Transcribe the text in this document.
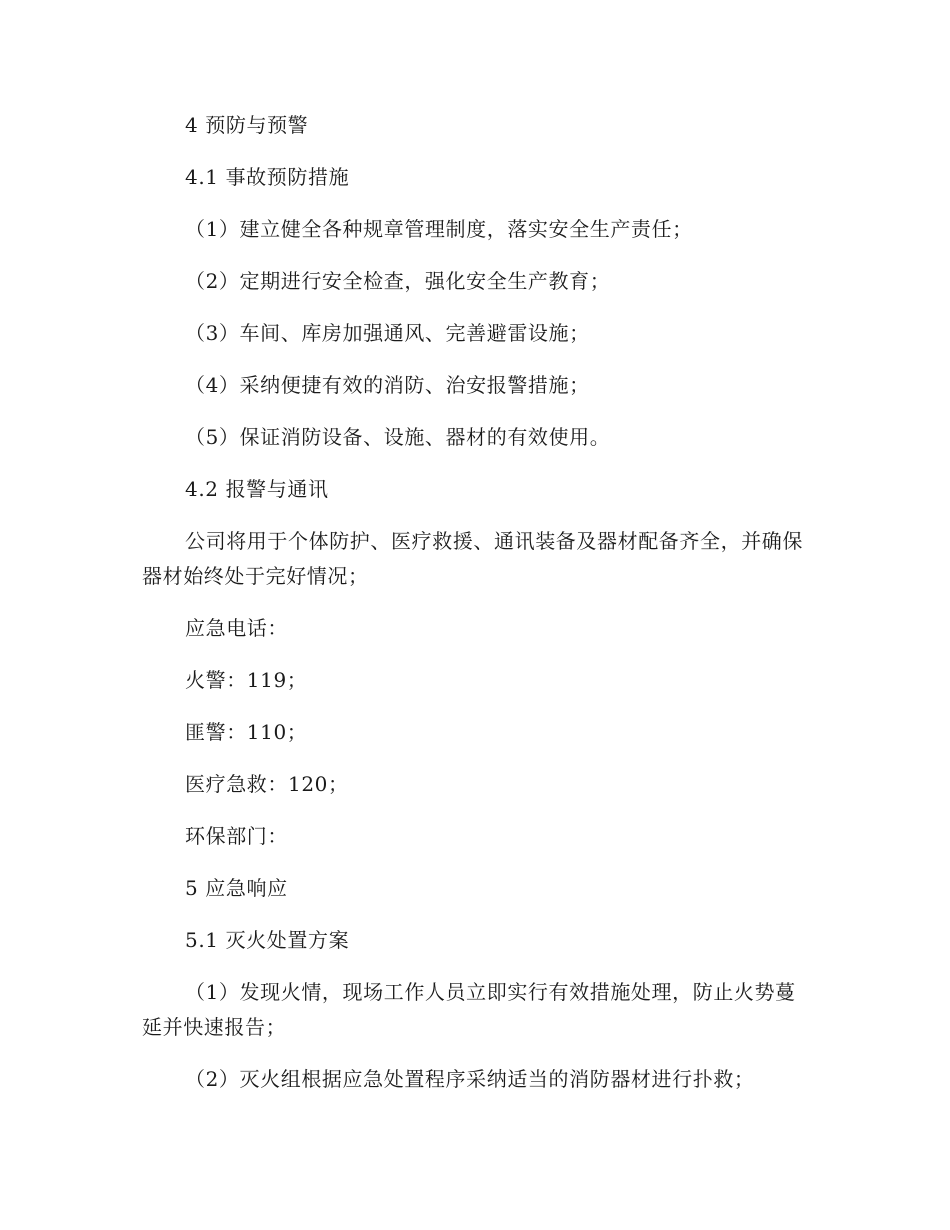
4 预防与预警

4.1 事故预防措施

（1）建立健全各种规章管理制度，落实安全生产责任；

（2）定期进行安全检查，强化安全生产教育；

（3）车间、库房加强通风、完善避雷设施；

（4）采纳便捷有效的消防、治安报警措施；

（5）保证消防设备、设施、器材的有效使用。

4.2 报警与通讯

公司将用于个体防护、医疗救援、通讯装备及器材配备齐全，并确保器材始终处于完好情况；

应急电话：

火警：119；

匪警：110；

医疗急救：120；

环保部门：

5 应急响应

5.1 灭火处置方案

（1）发现火情，现场工作人员立即实行有效措施处理，防止火势蔓延并快速报告；

（2）灭火组根据应急处置程序采纳适当的消防器材进行扑救；
